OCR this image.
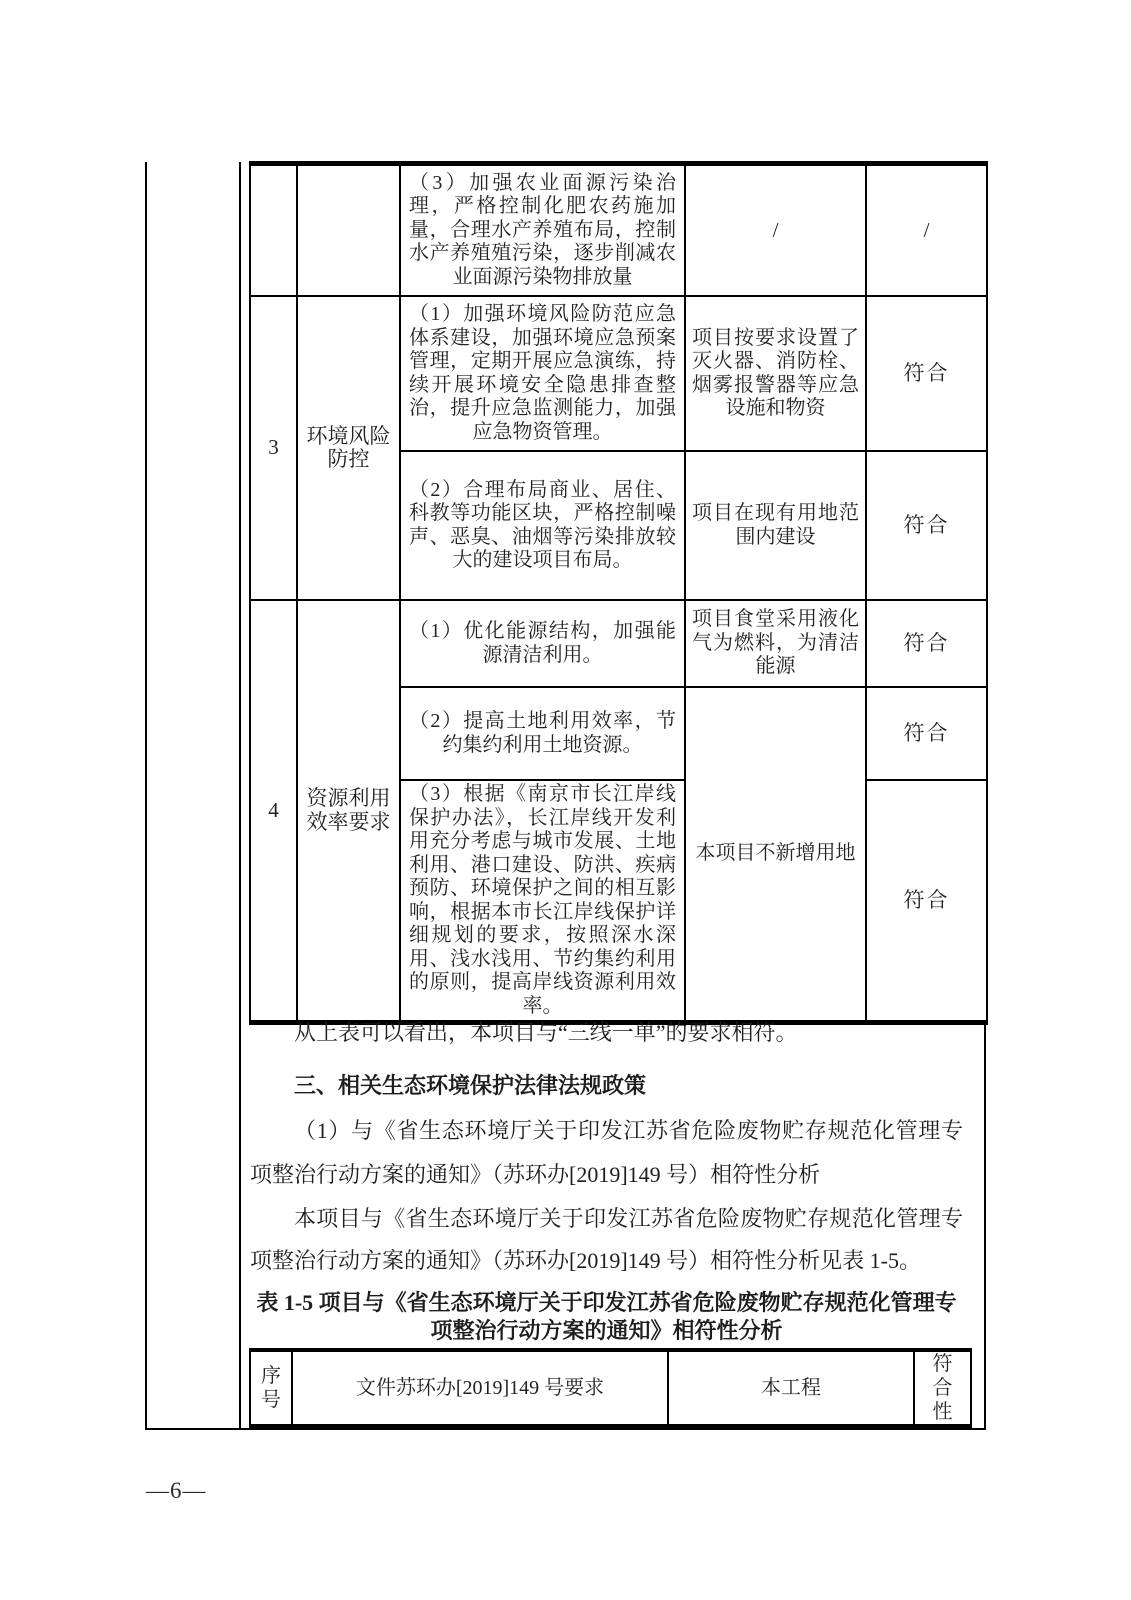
		（3）加强农业面源污染治理，严格控制化肥农药施加量，合理水产养殖布局，控制水产养殖殖污染，逐步削减农业面源污染物排放量	/	/
3	环境风险防控	（1）加强环境风险防范应急体系建设，加强环境应急预案管理，定期开展应急演练，持续开展环境安全隐患排查整治，提升应急监测能力，加强应急物资管理。	项目按要求设置了灭火器、消防栓、烟雾报警器等应急设施和物资	符合
		（2）合理布局商业、居住、科教等功能区块，严格控制噪声、恶臭、油烟等污染排放较大的建设项目布局。	项目在现有用地范围内建设	符合
4	资源利用效率要求	（1）优化能源结构，加强能源清洁利用。	项目食堂采用液化气为燃料，为清洁能源	符合
		（2）提高土地利用效率，节约集约利用土地资源。	本项目不新增用地	符合
		（3）根据《南京市长江岸线保护办法》，长江岸线开发利用充分考虑与城市发展、土地利用、港口建设、防洪、疾病预防、环境保护之间的相互影响，根据本市长江岸线保护详细规划的要求，按照深水深用、浅水浅用、节约集约利用的原则，提高岸线资源利用效率。		符合
从上表可以看出，本项目与“三线一单”的要求相符。
三、相关生态环境保护法律法规政策
（1）与《省生态环境厅关于印发江苏省危险废物贮存规范化管理专
项整治行动方案的通知》（苏环办[2019]149 号）相符性分析
本项目与《省生态环境厅关于印发江苏省危险废物贮存规范化管理专
项整治行动方案的通知》（苏环办[2019]149 号）相符性分析见表 1-5。
表 1-5 项目与《省生态环境厅关于印发江苏省危险废物贮存规范化管理专
项整治行动方案的通知》相符性分析
序号	文件苏环办[2019]149 号要求	本工程	符合性
—6—
